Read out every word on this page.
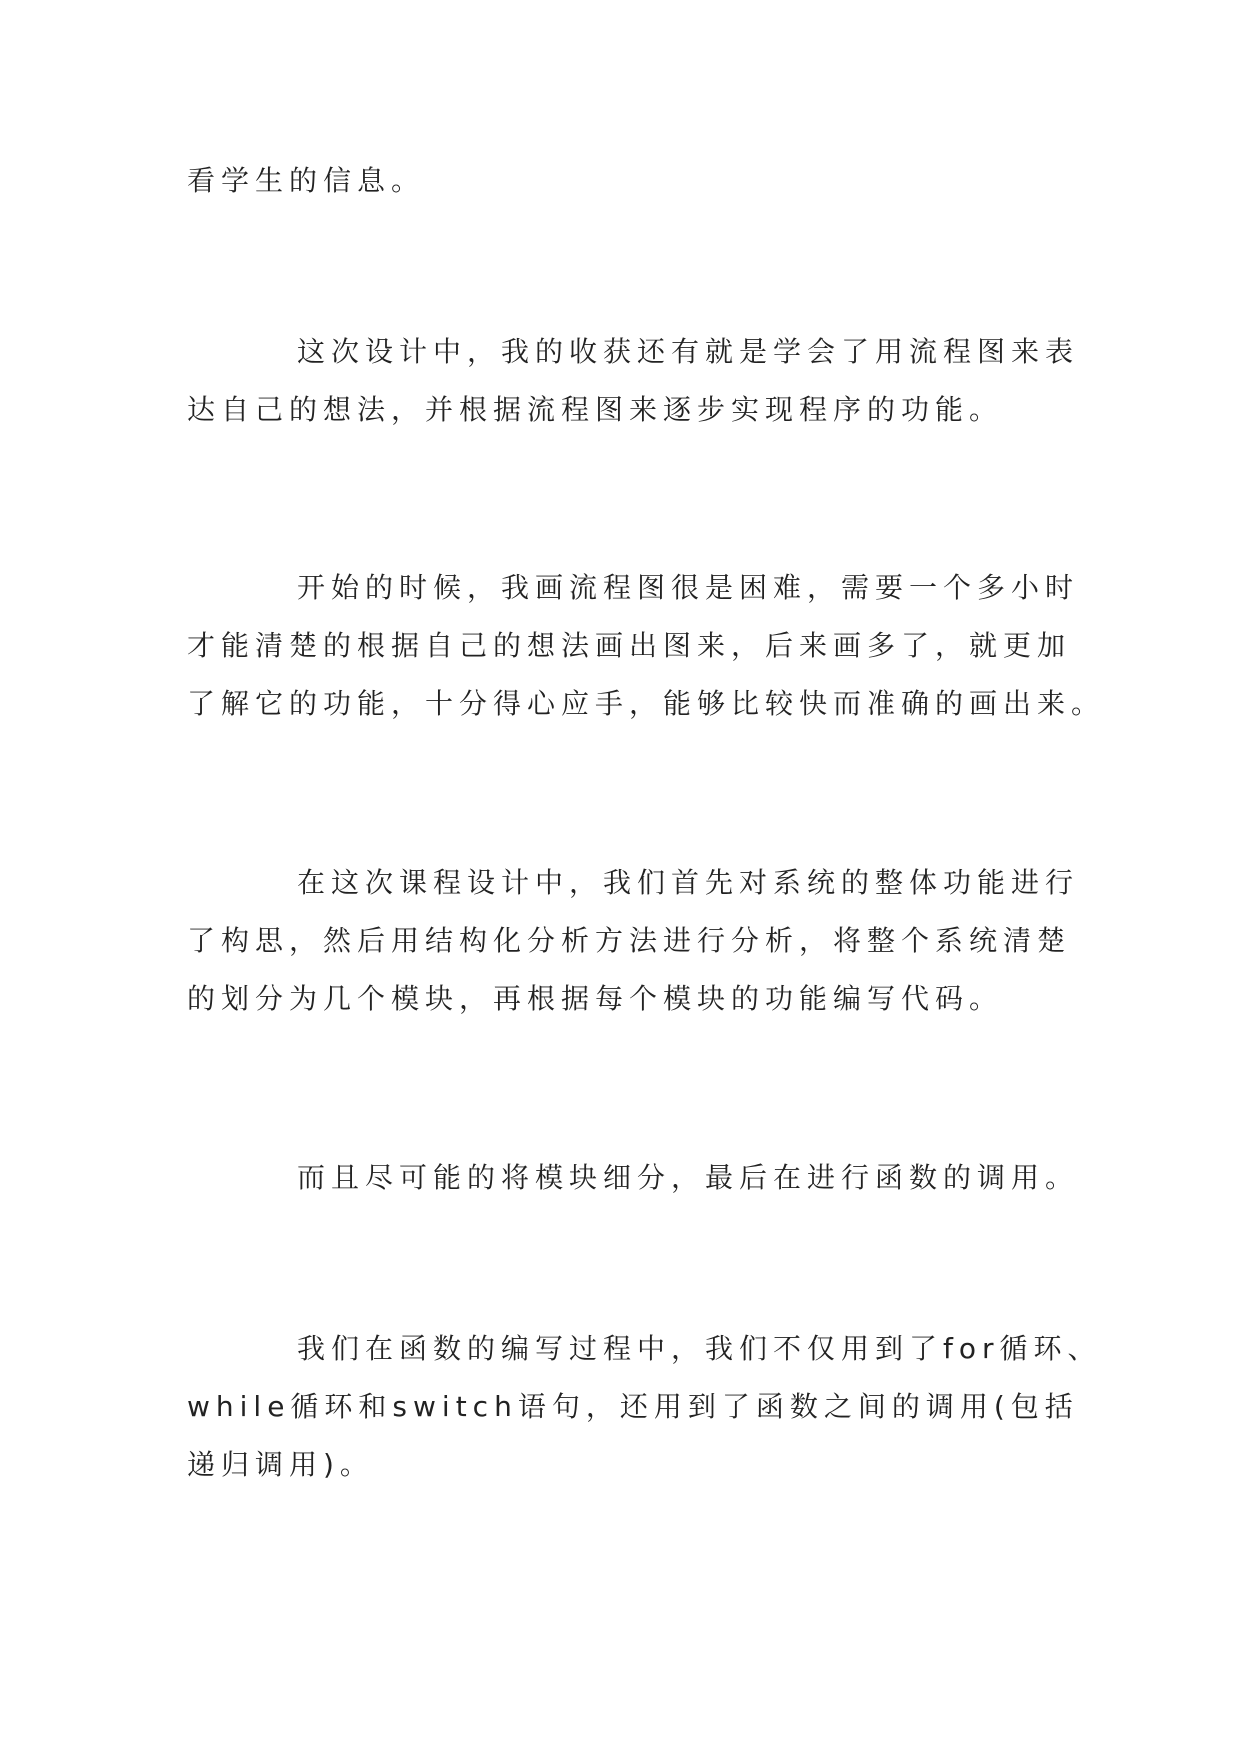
看学生的信息。
这次设计中，我的收获还有就是学会了用流程图来表
达自己的想法，并根据流程图来逐步实现程序的功能。
开始的时候，我画流程图很是困难，需要一个多小时
才能清楚的根据自己的想法画出图来，后来画多了，就更加
了解它的功能，十分得心应手，能够比较快而准确的画出来。
在这次课程设计中，我们首先对系统的整体功能进行
了构思，然后用结构化分析方法进行分析，将整个系统清楚
的划分为几个模块，再根据每个模块的功能编写代码。
而且尽可能的将模块细分，最后在进行函数的调用。
我们在函数的编写过程中，我们不仅用到了for循环、
while循环和switch语句，还用到了函数之间的调用(包括
递归调用)。
